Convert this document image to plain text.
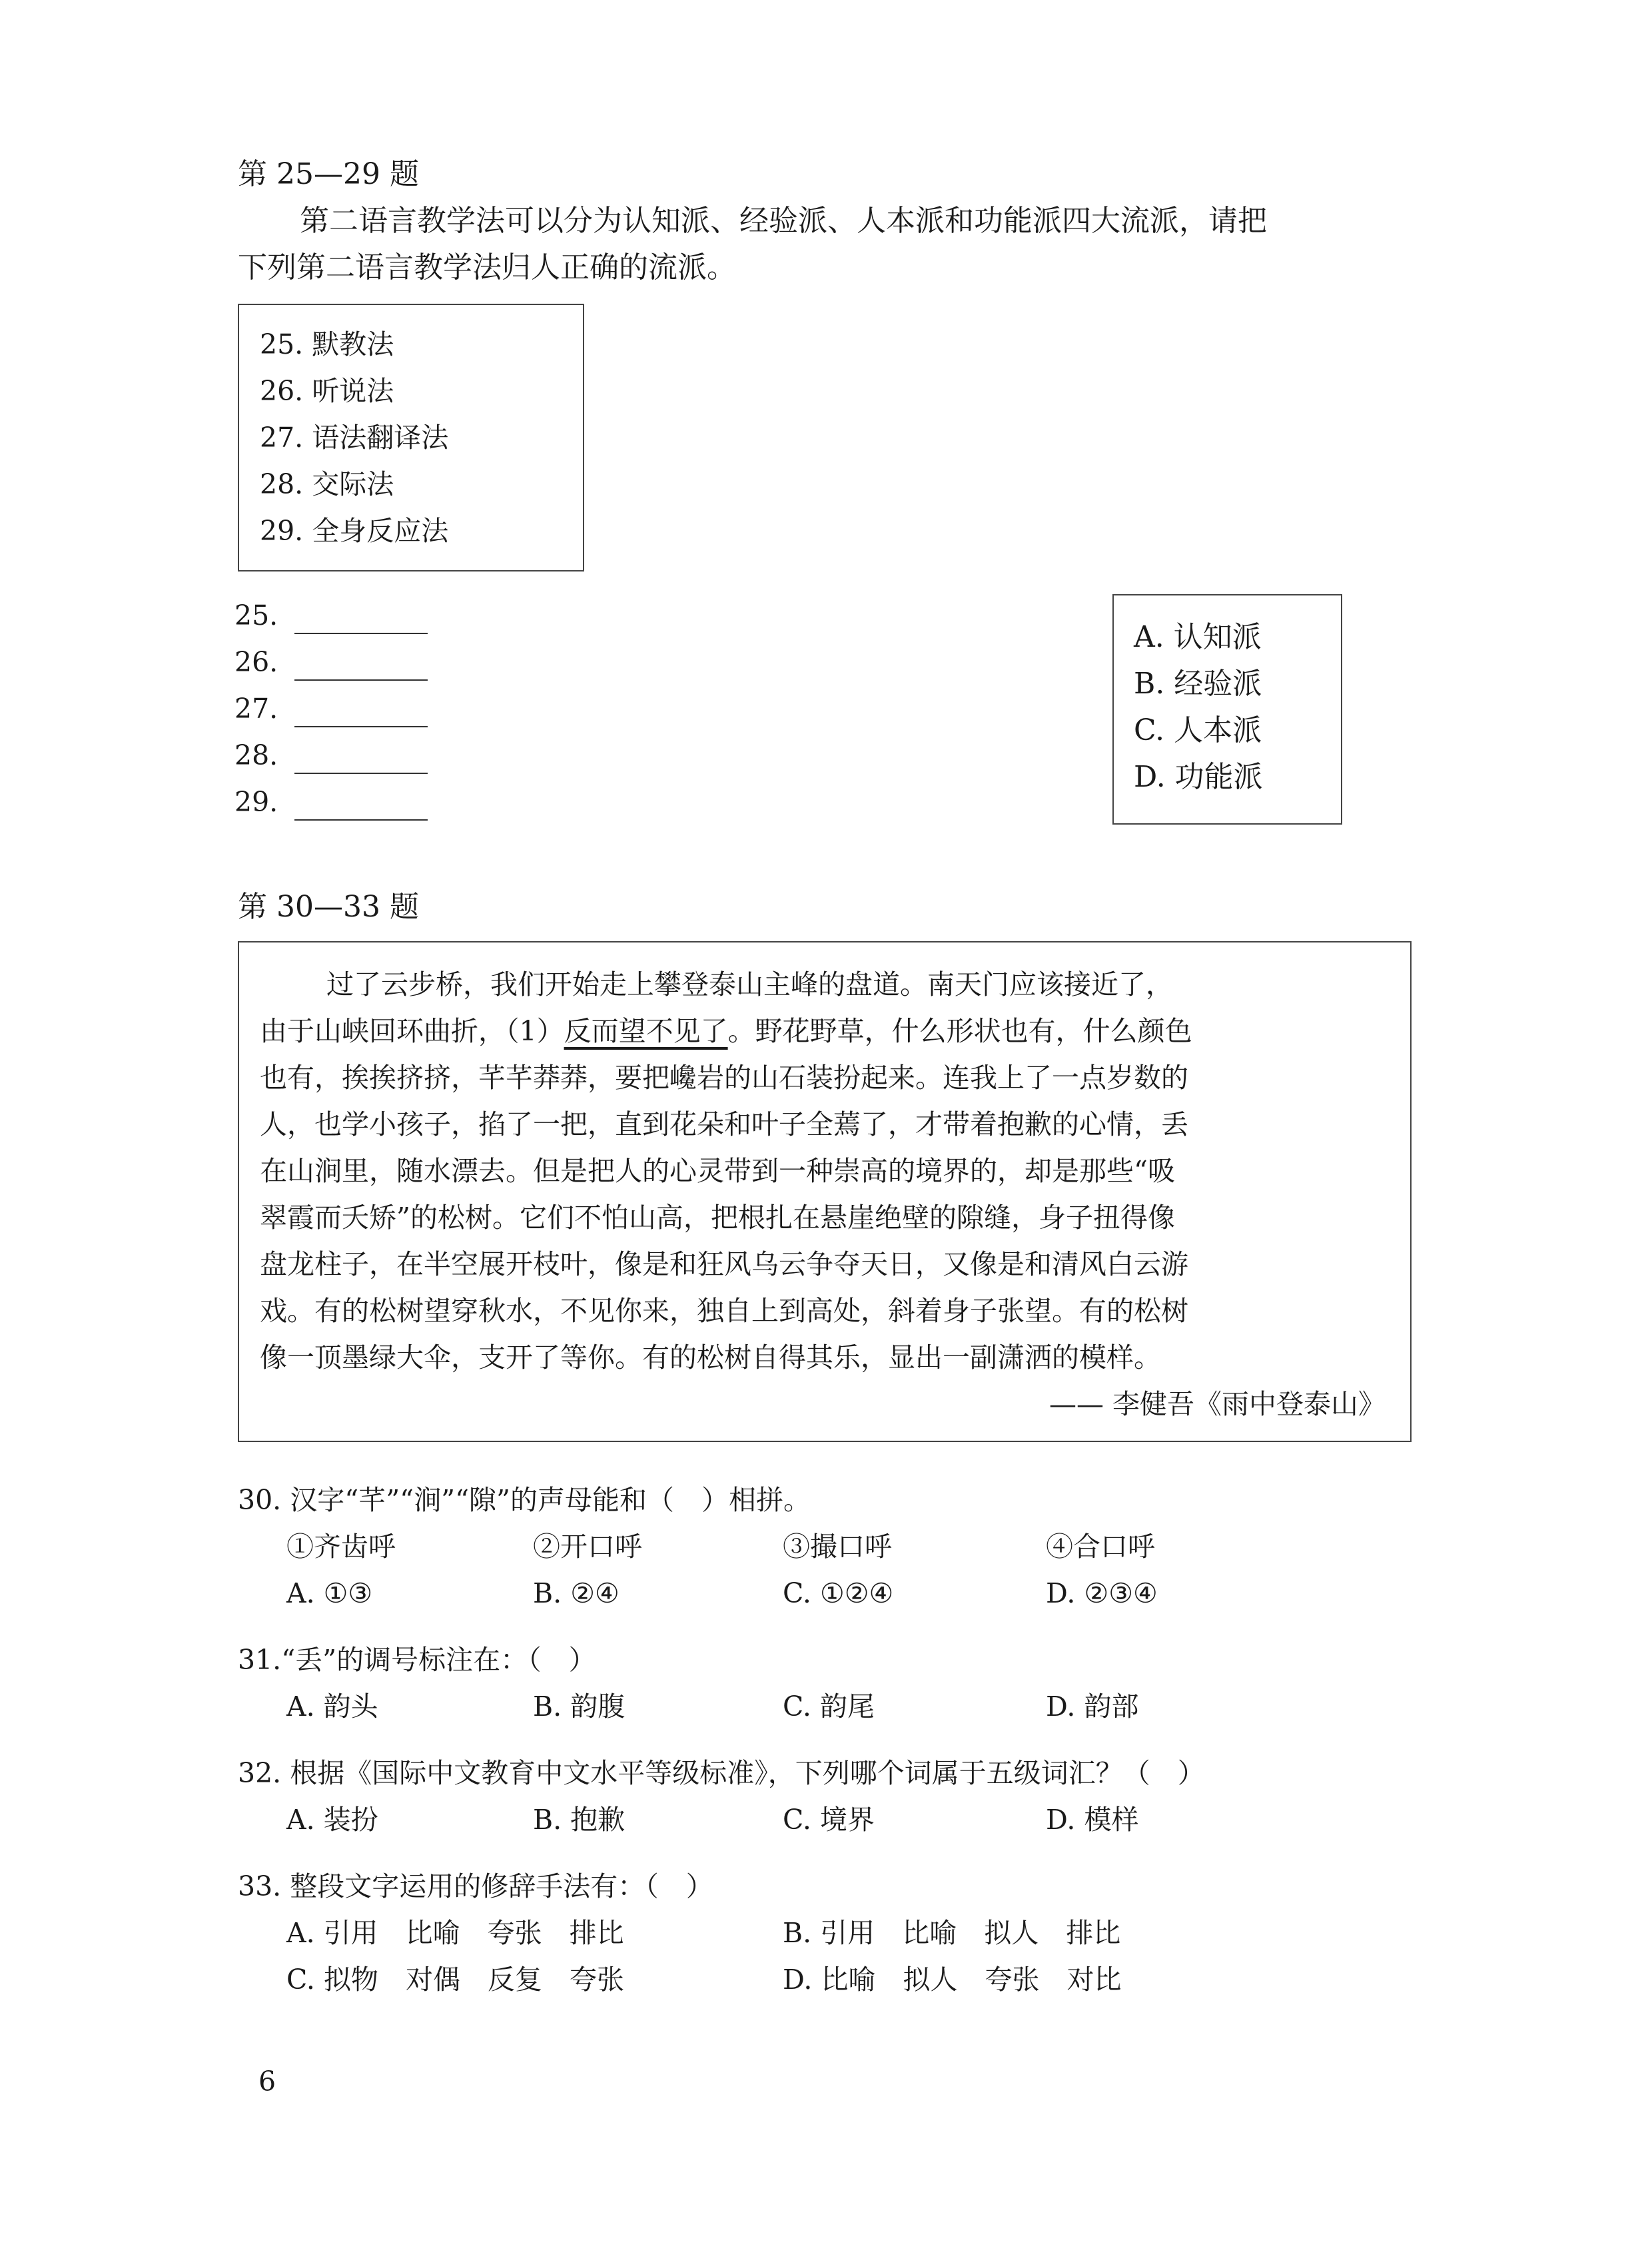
第 25—29 题
第二语言教学法可以分为认知派、经验派、人本派和功能派四大流派，请把
下列第二语言教学法归人正确的流派。
25. 默教法
26. 听说法
27. 语法翻译法
28. 交际法
29. 全身反应法
25.
26.
27.
28.
29.
A. 认知派
B. 经验派
C. 人本派
D. 功能派
第 30—33 题
过了云步桥，我们开始走上攀登泰山主峰的盘道。南天门应该接近了，
由于山峡回环曲折，（1）反而望不见了。野花野草，什么形状也有，什么颜色
也有，挨挨挤挤，芊芊莽莽，要把巉岩的山石装扮起来。连我上了一点岁数的
人，也学小孩子，掐了一把，直到花朵和叶子全蔫了，才带着抱歉的心情，丢
在山涧里，随水漂去。但是把人的心灵带到一种崇高的境界的，却是那些“吸
翠霞而夭矫”的松树。它们不怕山高，把根扎在悬崖绝壁的隙缝，身子扭得像
盘龙柱子，在半空展开枝叶，像是和狂风乌云争夺天日，又像是和清风白云游
戏。有的松树望穿秋水，不见你来，独自上到高处，斜着身子张望。有的松树
像一顶墨绿大伞，支开了等你。有的松树自得其乐，显出一副潇洒的模样。
—— 李健吾《雨中登泰山》
30. 汉字“芊”“涧”“隙”的声母能和（　）相拼。
①齐齿呼	②开口呼	③撮口呼	④合口呼
A. ①③	B. ②④	C. ①②④	D. ②③④
31.“丢”的调号标注在：（　）
A. 韵头	B. 韵腹	C. 韵尾	D. 韵部
32. 根据《国际中文教育中文水平等级标准》，下列哪个词属于五级词汇？（　）
A. 装扮	B. 抱歉	C. 境界	D. 模样
33. 整段文字运用的修辞手法有：（　）
A. 引用　比喻　夸张　排比	B. 引用　比喻　拟人　排比
C. 拟物　对偶　反复　夸张	D. 比喻　拟人　夸张　对比
6
